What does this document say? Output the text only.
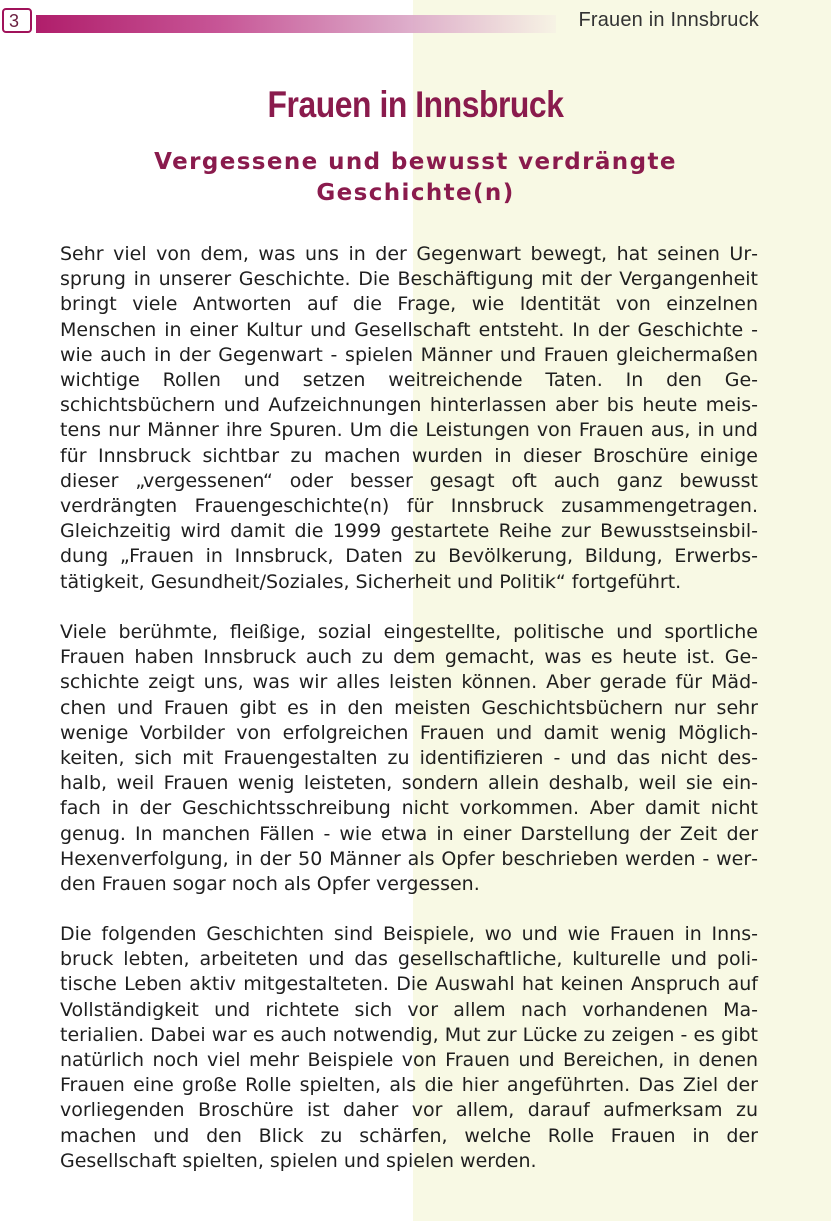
3	Frauen in Innsbruck
Frauen in Innsbruck
Vergessene und bewusst verdrängte
Geschichte(n)

Sehr viel von dem, was uns in der Gegenwart bewegt, hat seinen Ursprung in unserer Geschichte. Die Beschäftigung mit der Vergangenheit bringt viele Antworten auf die Frage, wie Identität von einzelnen Menschen in einer Kultur und Gesellschaft entsteht. In der Geschichte - wie auch in der Gegenwart - spielen Männer und Frauen gleichermaßen wichtige Rollen und setzen weitreichende Taten. In den Geschichtsbüchern und Aufzeichnungen hinterlassen aber bis heute meistens nur Männer ihre Spuren. Um die Leistungen von Frauen aus, in und für Innsbruck sichtbar zu machen wurden in dieser Broschüre einige dieser „vergessenen“ oder besser gesagt oft auch ganz bewusst verdrängten Frauengeschichte(n) für Innsbruck zusammengetragen. Gleichzeitig wird damit die 1999 gestartete Reihe zur Bewusstseinsbildung „Frauen in Innsbruck, Daten zu Bevölkerung, Bildung, Erwerbstätigkeit, Gesundheit/Soziales, Sicherheit und Politik“ fortgeführt.

Viele berühmte, fleißige, sozial eingestellte, politische und sportliche Frauen haben Innsbruck auch zu dem gemacht, was es heute ist. Geschichte zeigt uns, was wir alles leisten können. Aber gerade für Mädchen und Frauen gibt es in den meisten Geschichtsbüchern nur sehr wenige Vorbilder von erfolgreichen Frauen und damit wenig Möglichkeiten, sich mit Frauengestalten zu identifizieren - und das nicht deshalb, weil Frauen wenig leisteten, sondern allein deshalb, weil sie einfach in der Geschichtsschreibung nicht vorkommen. Aber damit nicht genug. In manchen Fällen - wie etwa in einer Darstellung der Zeit der Hexenverfolgung, in der 50 Männer als Opfer beschrieben werden - werden Frauen sogar noch als Opfer vergessen.

Die folgenden Geschichten sind Beispiele, wo und wie Frauen in Innsbruck lebten, arbeiteten und das gesellschaftliche, kulturelle und politische Leben aktiv mitgestalteten. Die Auswahl hat keinen Anspruch auf Vollständigkeit und richtete sich vor allem nach vorhandenen Materialien. Dabei war es auch notwendig, Mut zur Lücke zu zeigen - es gibt natürlich noch viel mehr Beispiele von Frauen und Bereichen, in denen Frauen eine große Rolle spielten, als die hier angeführten. Das Ziel der vorliegenden Broschüre ist daher vor allem, darauf aufmerksam zu machen und den Blick zu schärfen, welche Rolle Frauen in der Gesellschaft spielten, spielen und spielen werden.
